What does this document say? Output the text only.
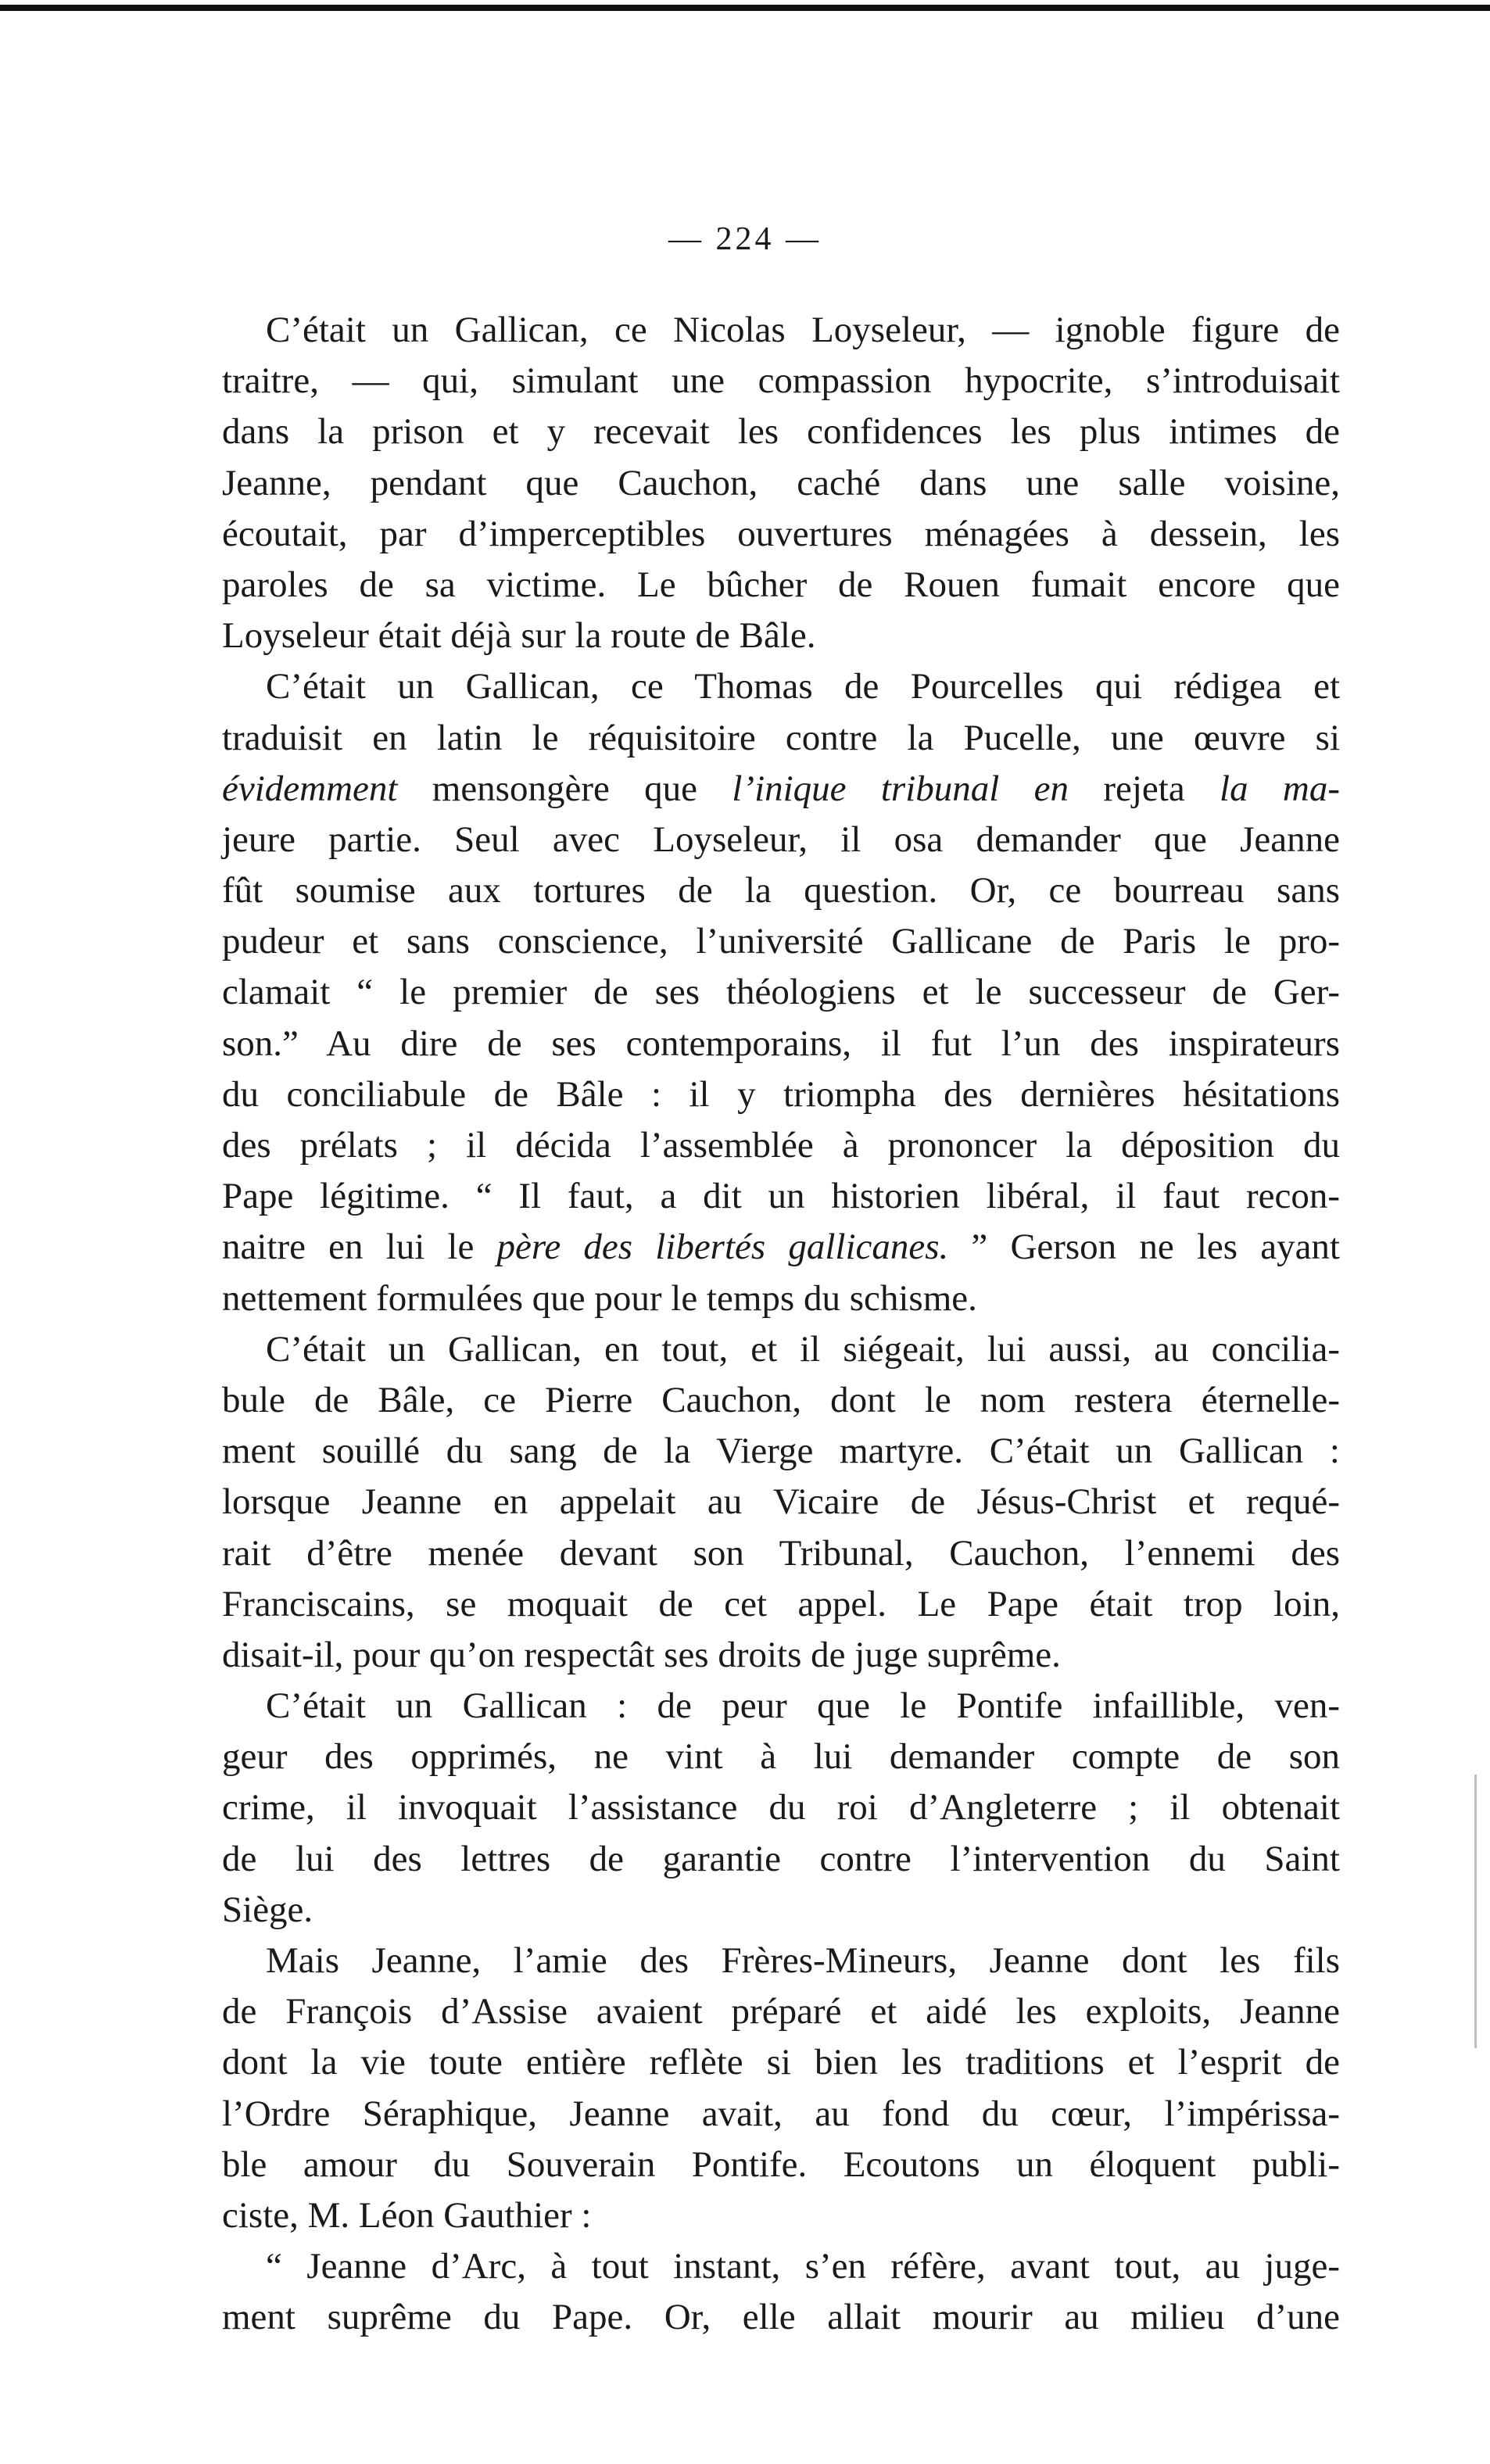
— 224 —
C’était un Gallican, ce Nicolas Loyseleur, — ignoble figure de
traitre, — qui, simulant une compassion hypocrite, s’introduisait
dans la prison et y recevait les confidences les plus intimes de
Jeanne, pendant que Cauchon, caché dans une salle voisine,
écoutait, par d’imperceptibles ouvertures ménagées à dessein, les
paroles de sa victime. Le bûcher de Rouen fumait encore que
Loyseleur était déjà sur la route de Bâle.
C’était un Gallican, ce Thomas de Pourcelles qui rédigea et
traduisit en latin le réquisitoire contre la Pucelle, une œuvre si
évidemment mensongère que l’inique tribunal en rejeta la ma-
jeure partie. Seul avec Loyseleur, il osa demander que Jeanne
fût soumise aux tortures de la question. Or, ce bourreau sans
pudeur et sans conscience, l’université Gallicane de Paris le pro-
clamait “ le premier de ses théologiens et le successeur de Ger-
son.” Au dire de ses contemporains, il fut l’un des inspirateurs
du conciliabule de Bâle : il y triompha des dernières hésitations
des prélats ; il décida l’assemblée à prononcer la déposition du
Pape légitime. “ Il faut, a dit un historien libéral, il faut recon-
naitre en lui le père des libertés gallicanes. ” Gerson ne les ayant
nettement formulées que pour le temps du schisme.
C’était un Gallican, en tout, et il siégeait, lui aussi, au concilia-
bule de Bâle, ce Pierre Cauchon, dont le nom restera éternelle-
ment souillé du sang de la Vierge martyre. C’était un Gallican :
lorsque Jeanne en appelait au Vicaire de Jésus-Christ et requé-
rait d’être menée devant son Tribunal, Cauchon, l’ennemi des
Franciscains, se moquait de cet appel. Le Pape était trop loin,
disait-il, pour qu’on respectât ses droits de juge suprême.
C’était un Gallican : de peur que le Pontife infaillible, ven-
geur des opprimés, ne vint à lui demander compte de son
crime, il invoquait l’assistance du roi d’Angleterre ; il obtenait
de lui des lettres de garantie contre l’intervention du Saint
Siège.
Mais Jeanne, l’amie des Frères-Mineurs, Jeanne dont les fils
de François d’Assise avaient préparé et aidé les exploits, Jeanne
dont la vie toute entière reflète si bien les traditions et l’esprit de
l’Ordre Séraphique, Jeanne avait, au fond du cœur, l’impérissa-
ble amour du Souverain Pontife. Ecoutons un éloquent publi-
ciste, M. Léon Gauthier :
“ Jeanne d’Arc, à tout instant, s’en réfère, avant tout, au juge-
ment suprême du Pape. Or, elle allait mourir au milieu d’une
